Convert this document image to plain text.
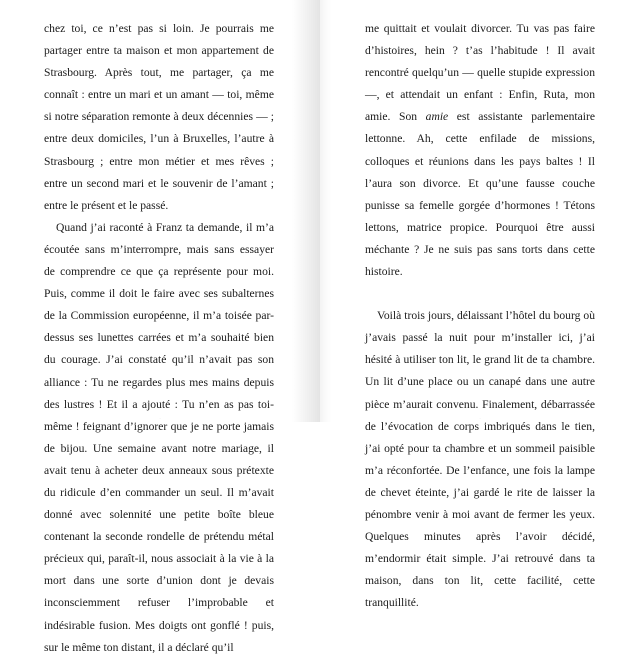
chez toi, ce n’est pas si loin. Je pourrais me partager entre ta maison et mon appartement de Strasbourg. Après tout, me partager, ça me connaît : entre un mari et un amant — toi, même si notre séparation remonte à deux décennies — ; entre deux domiciles, l’un à Bruxelles, l’autre à Strasbourg ; entre mon métier et mes rêves ; entre un second mari et le souvenir de l’amant ; entre le présent et le passé.

Quand j’ai raconté à Franz ta demande, il m’a écoutée sans m’interrompre, mais sans essayer de comprendre ce que ça représente pour moi. Puis, comme il doit le faire avec ses subalternes de la Commission européenne, il m’a toisée par-dessus ses lunettes carrées et m’a souhaité bien du courage. J’ai constaté qu’il n’avait pas son alliance : Tu ne regardes plus mes mains depuis des lustres ! Et il a ajouté : Tu n’en as pas toi-même ! feignant d’ignorer que je ne porte jamais de bijou. Une semaine avant notre mariage, il avait tenu à acheter deux anneaux sous prétexte du ridicule d’en commander un seul. Il m’avait donné avec solennité une petite boîte bleue contenant la seconde rondelle de prétendu métal précieux qui, paraît-il, nous associait à la vie à la mort dans une sorte d’union dont je devais inconsciemment refuser l’improbable et indésirable fusion. Mes doigts ont gonflé ! puis, sur le même ton distant, il a déclaré qu’il

·

me quittait et voulait divorcer. Tu vas pas faire d’histoires, hein ? t’as l’habitude ! Il avait rencontré quelqu’un — quelle stupide expression —, et attendait un enfant : Enfin, Ruta, mon amie. Son amie est assistante parlementaire lettonne. Ah, cette enfilade de missions, colloques et réunions dans les pays baltes ! Il l’aura son divorce. Et qu’une fausse couche punisse sa femelle gorgée d’hormones ! Tétons lettons, matrice propice. Pourquoi être aussi méchante ? Je ne suis pas sans torts dans cette histoire.

Voilà trois jours, délaissant l’hôtel du bourg où j’avais passé la nuit pour m’installer ici, j’ai hésité à utiliser ton lit, le grand lit de ta chambre. Un lit d’une place ou un canapé dans une autre pièce m’aurait convenu. Finalement, débarrassée de l’évocation de corps imbriqués dans le tien, j’ai opté pour ta chambre et un sommeil paisible m’a réconfortée. De l’enfance, une fois la lampe de chevet éteinte, j’ai gardé le rite de laisser la pénombre venir à moi avant de fermer les yeux. Quelques minutes après l’avoir décidé, m’endormir était simple. J’ai retrouvé dans ta maison, dans ton lit, cette facilité, cette tranquillité.

·
